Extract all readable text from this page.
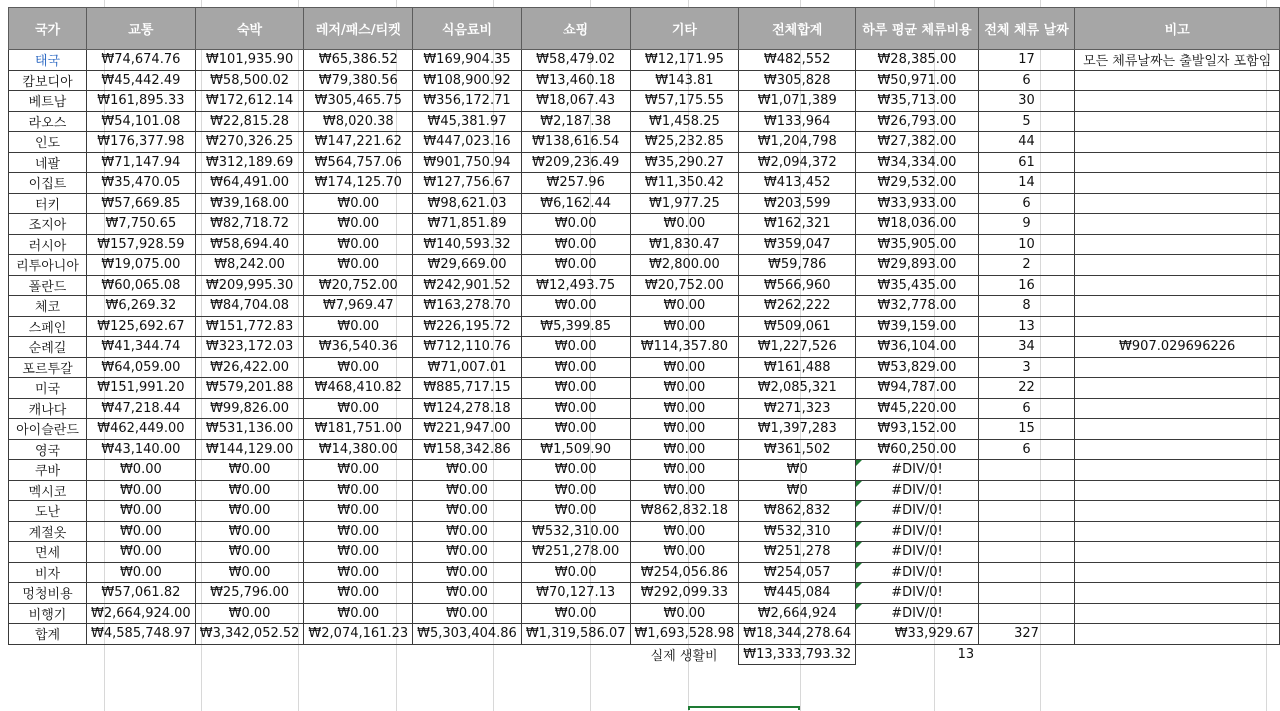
국가	교통	숙박	레저/패스/티켓	식음료비	쇼핑	기타	전체합계	하루 평균 체류비용	전체 체류 날짜	비고
태국	₩74,674.76	₩101,935.90	₩65,386.52	₩169,904.35	₩58,479.02	₩12,171.95	₩482,552	₩28,385.00	17	모든 체류날짜는 출발일자 포함임
캄보디아	₩45,442.49	₩58,500.02	₩79,380.56	₩108,900.92	₩13,460.18	₩143.81	₩305,828	₩50,971.00	6	
베트남	₩161,895.33	₩172,612.14	₩305,465.75	₩356,172.71	₩18,067.43	₩57,175.55	₩1,071,389	₩35,713.00	30	
라오스	₩54,101.08	₩22,815.28	₩8,020.38	₩45,381.97	₩2,187.38	₩1,458.25	₩133,964	₩26,793.00	5	
인도	₩176,377.98	₩270,326.25	₩147,221.62	₩447,023.16	₩138,616.54	₩25,232.85	₩1,204,798	₩27,382.00	44	
네팔	₩71,147.94	₩312,189.69	₩564,757.06	₩901,750.94	₩209,236.49	₩35,290.27	₩2,094,372	₩34,334.00	61	
이집트	₩35,470.05	₩64,491.00	₩174,125.70	₩127,756.67	₩257.96	₩11,350.42	₩413,452	₩29,532.00	14	
터키	₩57,669.85	₩39,168.00	₩0.00	₩98,621.03	₩6,162.44	₩1,977.25	₩203,599	₩33,933.00	6	
조지아	₩7,750.65	₩82,718.72	₩0.00	₩71,851.89	₩0.00	₩0.00	₩162,321	₩18,036.00	9	
러시아	₩157,928.59	₩58,694.40	₩0.00	₩140,593.32	₩0.00	₩1,830.47	₩359,047	₩35,905.00	10	
리투아니아	₩19,075.00	₩8,242.00	₩0.00	₩29,669.00	₩0.00	₩2,800.00	₩59,786	₩29,893.00	2	
폴란드	₩60,065.08	₩209,995.30	₩20,752.00	₩242,901.52	₩12,493.75	₩20,752.00	₩566,960	₩35,435.00	16	
체코	₩6,269.32	₩84,704.08	₩7,969.47	₩163,278.70	₩0.00	₩0.00	₩262,222	₩32,778.00	8	
스페인	₩125,692.67	₩151,772.83	₩0.00	₩226,195.72	₩5,399.85	₩0.00	₩509,061	₩39,159.00	13	
순례길	₩41,344.74	₩323,172.03	₩36,540.36	₩712,110.76	₩0.00	₩114,357.80	₩1,227,526	₩36,104.00	34	₩907.029696226
포르투갈	₩64,059.00	₩26,422.00	₩0.00	₩71,007.01	₩0.00	₩0.00	₩161,488	₩53,829.00	3	
미국	₩151,991.20	₩579,201.88	₩468,410.82	₩885,717.15	₩0.00	₩0.00	₩2,085,321	₩94,787.00	22	
캐나다	₩47,218.44	₩99,826.00	₩0.00	₩124,278.18	₩0.00	₩0.00	₩271,323	₩45,220.00	6	
아이슬란드	₩462,449.00	₩531,136.00	₩181,751.00	₩221,947.00	₩0.00	₩0.00	₩1,397,283	₩93,152.00	15	
영국	₩43,140.00	₩144,129.00	₩14,380.00	₩158,342.86	₩1,509.90	₩0.00	₩361,502	₩60,250.00	6	
쿠바	₩0.00	₩0.00	₩0.00	₩0.00	₩0.00	₩0.00	₩0	#DIV/0!		
멕시코	₩0.00	₩0.00	₩0.00	₩0.00	₩0.00	₩0.00	₩0	#DIV/0!		
도난	₩0.00	₩0.00	₩0.00	₩0.00	₩0.00	₩862,832.18	₩862,832	#DIV/0!		
계절옷	₩0.00	₩0.00	₩0.00	₩0.00	₩532,310.00	₩0.00	₩532,310	#DIV/0!		
면세	₩0.00	₩0.00	₩0.00	₩0.00	₩251,278.00	₩0.00	₩251,278	#DIV/0!		
비자	₩0.00	₩0.00	₩0.00	₩0.00	₩0.00	₩254,056.86	₩254,057	#DIV/0!		
멍청비용	₩57,061.82	₩25,796.00	₩0.00	₩0.00	₩70,127.13	₩292,099.33	₩445,084	#DIV/0!		
비행기	₩2,664,924.00	₩0.00	₩0.00	₩0.00	₩0.00	₩0.00	₩2,664,924	#DIV/0!		
합계	₩4,585,748.97	₩3,342,052.52	₩2,074,161.23	₩5,303,404.86	₩1,319,586.07	₩1,693,528.98	₩18,344,278.64	₩33,929.67	327	
						실제 생활비	₩13,333,793.32	13		
